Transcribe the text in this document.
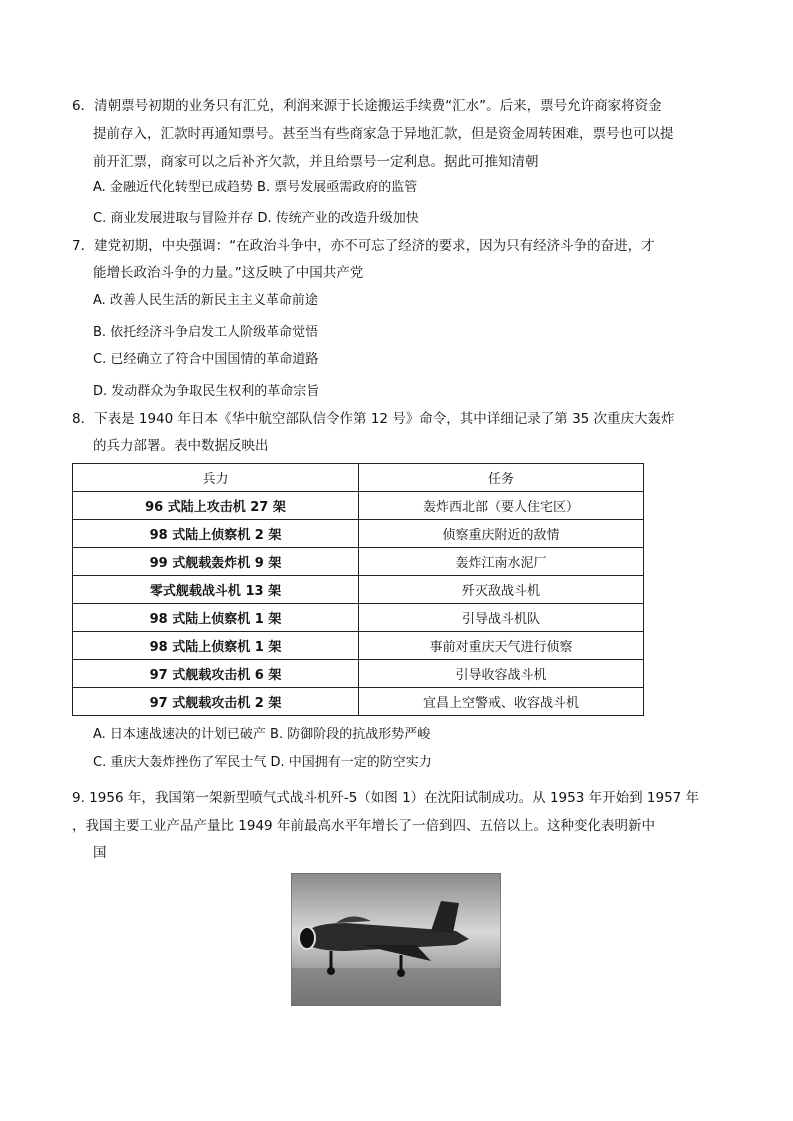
6．清朝票号初期的业务只有汇兑，利润来源于长途搬运手续费“汇水”。后来，票号允许商家将资金
提前存入，汇款时再通知票号。甚至当有些商家急于异地汇款，但是资金周转困难，票号也可以提
前开汇票，商家可以之后补齐欠款，并且给票号一定利息。据此可推知清朝
A. 金融近代化转型已成趋势 B. 票号发展亟需政府的监管
C. 商业发展进取与冒险并存 D. 传统产业的改造升级加快
7．建党初期，中央强调：“在政治斗争中，亦不可忘了经济的要求，因为只有经济斗争的奋进，才
能增长政治斗争的力量。”这反映了中国共产党
A. 改善人民生活的新民主主义革命前途
B. 依托经济斗争启发工人阶级革命觉悟
C. 已经确立了符合中国国情的革命道路
D. 发动群众为争取民生权利的革命宗旨
8．下表是 1940 年日本《华中航空部队信令作第 12 号》命令，其中详细记录了第 35 次重庆大轰炸
的兵力部署。表中数据反映出
兵力	任务
96 式陆上攻击机 27 架	轰炸西北部（要人住宅区）
98 式陆上侦察机 2 架	侦察重庆附近的敌情
99 式舰载轰炸机 9 架	轰炸江南水泥厂
零式舰载战斗机 13 架	歼灭敌战斗机
98 式陆上侦察机 1 架	引导战斗机队
98 式陆上侦察机 1 架	事前对重庆天气进行侦察
97 式舰载攻击机 6 架	引导收容战斗机
97 式舰载攻击机 2 架	宜昌上空警戒、收容战斗机
A. 日本速战速决的计划已破产 B. 防御阶段的抗战形势严峻
C. 重庆大轰炸挫伤了军民士气 D. 中国拥有一定的防空实力
9. 1956 年，我国第一架新型喷气式战斗机歼-5（如图 1）在沈阳试制成功。从 1953 年开始到 1957 年
，我国主要工业产品产量比 1949 年前最高水平年增长了一倍到四、五倍以上。这种变化表明新中
国
